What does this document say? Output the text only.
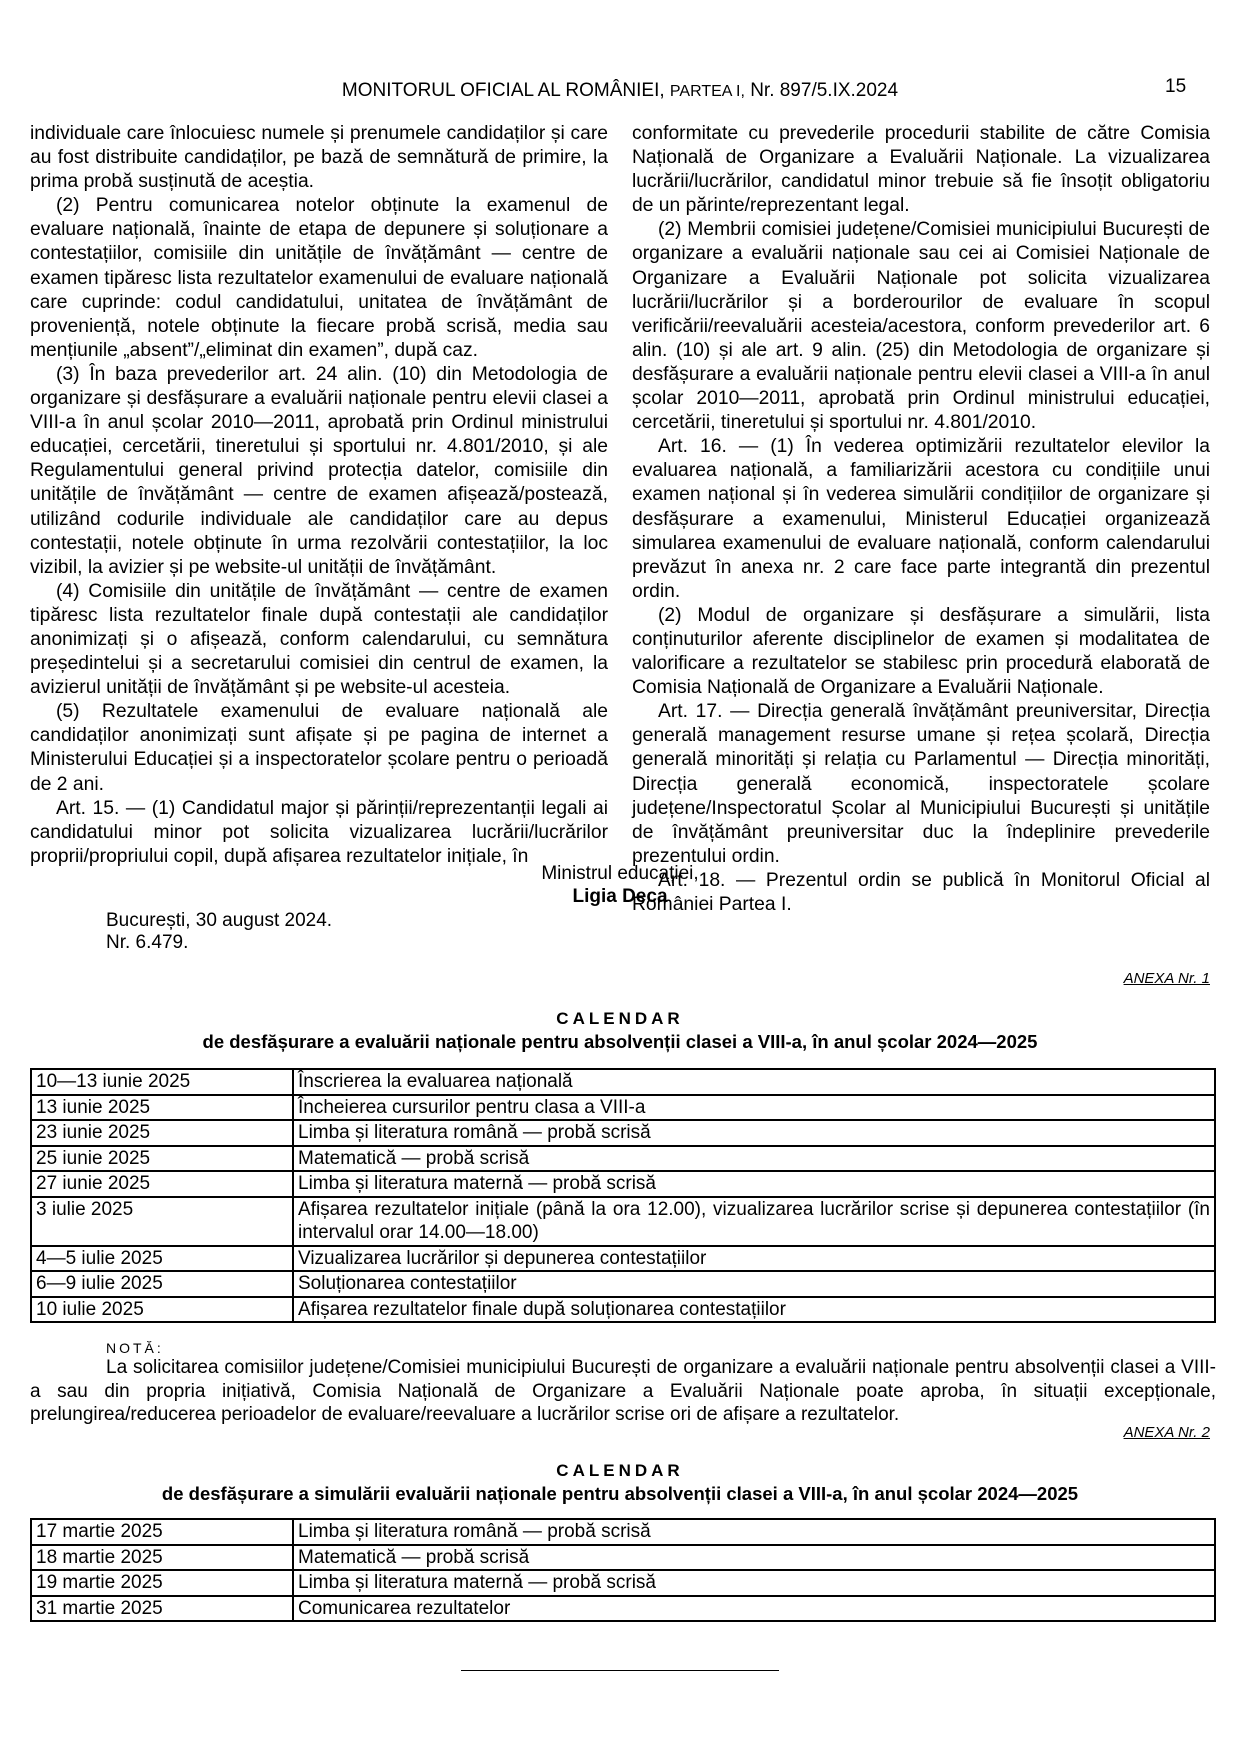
MONITORUL OFICIAL AL ROMÂNIEI, PARTEA I, Nr. 897/5.IX.2024	15

individuale care înlocuiesc numele și prenumele candidaților și care au fost distribuite candidaților, pe bază de semnătură de primire, la prima probă susținută de aceștia.

(2) Pentru comunicarea notelor obținute la examenul de evaluare națională, înainte de etapa de depunere și soluționare a contestațiilor, comisiile din unitățile de învățământ — centre de examen tipăresc lista rezultatelor examenului de evaluare națională care cuprinde: codul candidatului, unitatea de învățământ de proveniență, notele obținute la fiecare probă scrisă, media sau mențiunile „absent”/„eliminat din examen”, după caz.

(3) În baza prevederilor art. 24 alin. (10) din Metodologia de organizare și desfășurare a evaluării naționale pentru elevii clasei a VIII-a în anul școlar 2010—2011, aprobată prin Ordinul ministrului educației, cercetării, tineretului și sportului nr. 4.801/2010, și ale Regulamentului general privind protecția datelor, comisiile din unitățile de învățământ — centre de examen afișează/postează, utilizând codurile individuale ale candidaților care au depus contestații, notele obținute în urma rezolvării contestațiilor, la loc vizibil, la avizier și pe website-ul unității de învățământ.

(4) Comisiile din unitățile de învățământ — centre de examen tipăresc lista rezultatelor finale după contestații ale candidaților anonimizați și o afișează, conform calendarului, cu semnătura președintelui și a secretarului comisiei din centrul de examen, la avizierul unității de învățământ și pe website-ul acesteia.

(5) Rezultatele examenului de evaluare națională ale candidaților anonimizați sunt afișate și pe pagina de internet a Ministerului Educației și a inspectoratelor școlare pentru o perioadă de 2 ani.

Art. 15. — (1) Candidatul major și părinții/reprezentanții legali ai candidatului minor pot solicita vizualizarea lucrării/lucrărilor proprii/propriului copil, după afișarea rezultatelor inițiale, în

conformitate cu prevederile procedurii stabilite de către Comisia Națională de Organizare a Evaluării Naționale. La vizualizarea lucrării/lucrărilor, candidatul minor trebuie să fie însoțit obligatoriu de un părinte/reprezentant legal.

(2) Membrii comisiei județene/Comisiei municipiului București de organizare a evaluării naționale sau cei ai Comisiei Naționale de Organizare a Evaluării Naționale pot solicita vizualizarea lucrării/lucrărilor și a borderourilor de evaluare în scopul verificării/reevaluării acesteia/acestora, conform prevederilor art. 6 alin. (10) și ale art. 9 alin. (25) din Metodologia de organizare și desfășurare a evaluării naționale pentru elevii clasei a VIII-a în anul școlar 2010—2011, aprobată prin Ordinul ministrului educației, cercetării, tineretului și sportului nr. 4.801/2010.

Art. 16. — (1) În vederea optimizării rezultatelor elevilor la evaluarea națională, a familiarizării acestora cu condițiile unui examen național și în vederea simulării condițiilor de organizare și desfășurare a examenului, Ministerul Educației organizează simularea examenului de evaluare națională, conform calendarului prevăzut în anexa nr. 2 care face parte integrantă din prezentul ordin.

(2) Modul de organizare și desfășurare a simulării, lista conținuturilor aferente disciplinelor de examen și modalitatea de valorificare a rezultatelor se stabilesc prin procedură elaborată de Comisia Națională de Organizare a Evaluării Naționale.

Art. 17. — Direcția generală învățământ preuniversitar, Direcția generală management resurse umane și rețea școlară, Direcția generală minorități și relația cu Parlamentul — Direcția minorități, Direcția generală economică, inspectoratele școlare județene/Inspectoratul Școlar al Municipiului București și unitățile de învățământ preuniversitar duc la îndeplinire prevederile prezentului ordin.

Art. 18. — Prezentul ordin se publică în Monitorul Oficial al României Partea I.

Ministrul educației,
Ligia Deca
București, 30 august 2024.
Nr. 6.479.
ANEXA Nr. 1
CALENDAR
de desfășurare a evaluării naționale pentru absolvenții clasei a VIII-a, în anul școlar 2024—2025
10—13 iunie 2025	Înscrierea la evaluarea națională
13 iunie 2025	Încheierea cursurilor pentru clasa a VIII-a
23 iunie 2025	Limba și literatura română — probă scrisă
25 iunie 2025	Matematică — probă scrisă
27 iunie 2025	Limba și literatura maternă — probă scrisă
3 iulie 2025	Afișarea rezultatelor inițiale (până la ora 12.00), vizualizarea lucrărilor scrise și depunerea contestațiilor (în intervalul orar 14.00—18.00)
4—5 iulie 2025	Vizualizarea lucrărilor și depunerea contestațiilor
6—9 iulie 2025	Soluționarea contestațiilor
10 iulie 2025	Afișarea rezultatelor finale după soluționarea contestațiilor
NOTĂ:

La solicitarea comisiilor județene/Comisiei municipiului București de organizare a evaluării naționale pentru absolvenții clasei a VIII-a sau din propria inițiativă, Comisia Națională de Organizare a Evaluării Naționale poate aproba, în situații excepționale, prelungirea/reducerea perioadelor de evaluare/reevaluare a lucrărilor scrise ori de afișare a rezultatelor.

ANEXA Nr. 2
CALENDAR
de desfășurare a simulării evaluării naționale pentru absolvenții clasei a VIII-a, în anul școlar 2024—2025
17 martie 2025	Limba și literatura română — probă scrisă
18 martie 2025	Matematică — probă scrisă
19 martie 2025	Limba și literatura maternă — probă scrisă
31 martie 2025	Comunicarea rezultatelor
